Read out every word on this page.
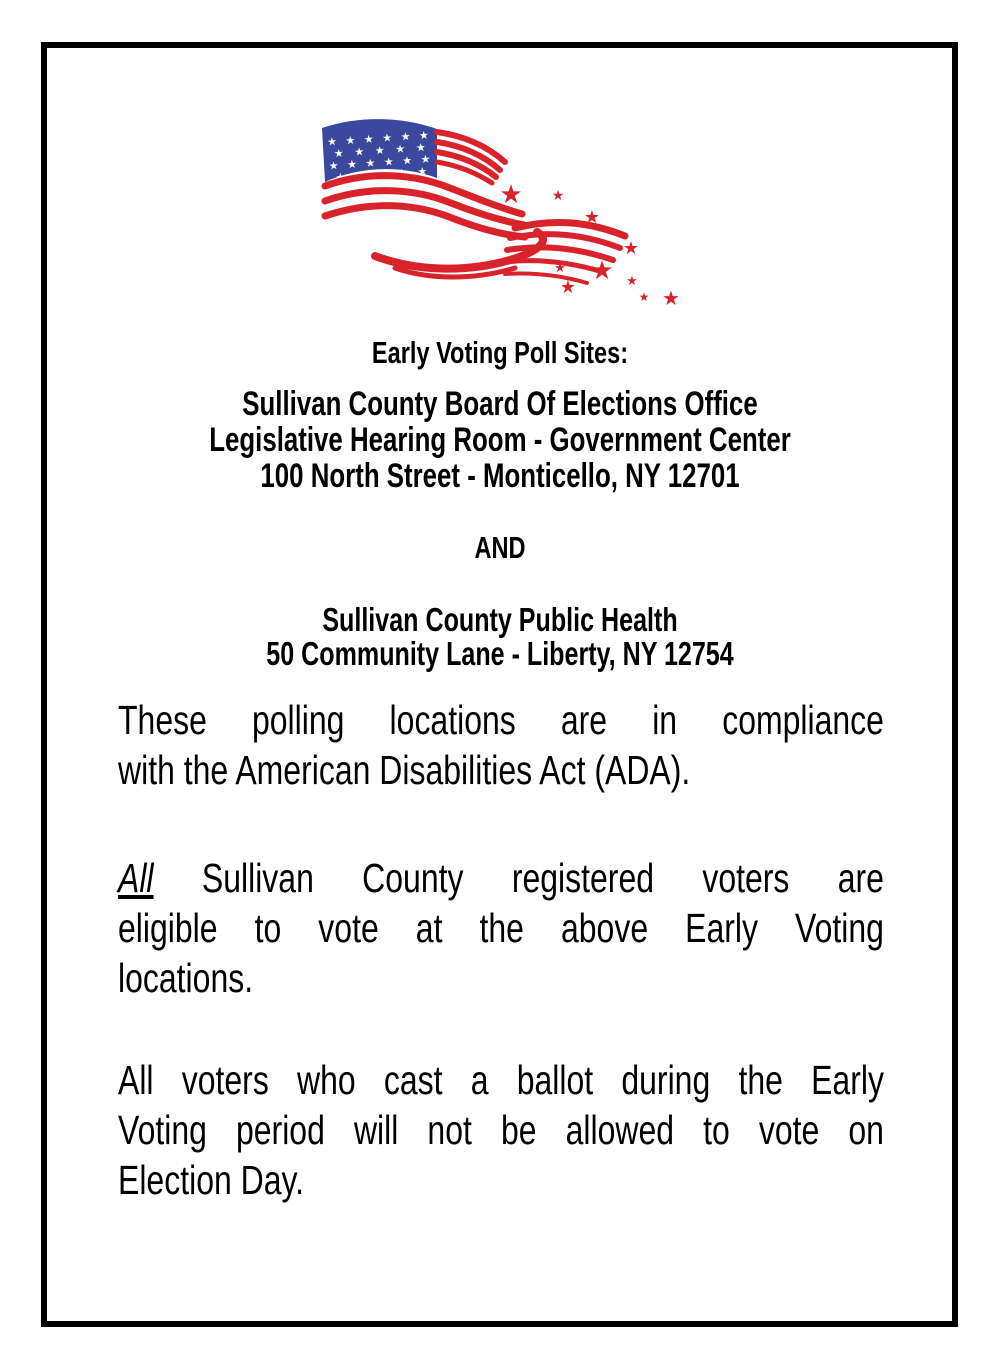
★★★★★★
★★★★★
★★★★★★
★★★★★
★ ★
★
★
★ ★ ★
★	★ ★
Early Voting Poll Sites:
Sullivan County Board Of Elections Office
Legislative Hearing Room - Government Center
100 North Street - Monticello, NY 12701
AND
Sullivan County Public Health
50 Community Lane - Liberty, NY 12754

These polling locations are in compliance

with the American Disabilities Act (ADA).

All Sullivan County registered voters are

eligible to vote at the above Early Voting

locations.

All voters who cast a ballot during the Early

Voting period will not be allowed to vote on

Election Day.
